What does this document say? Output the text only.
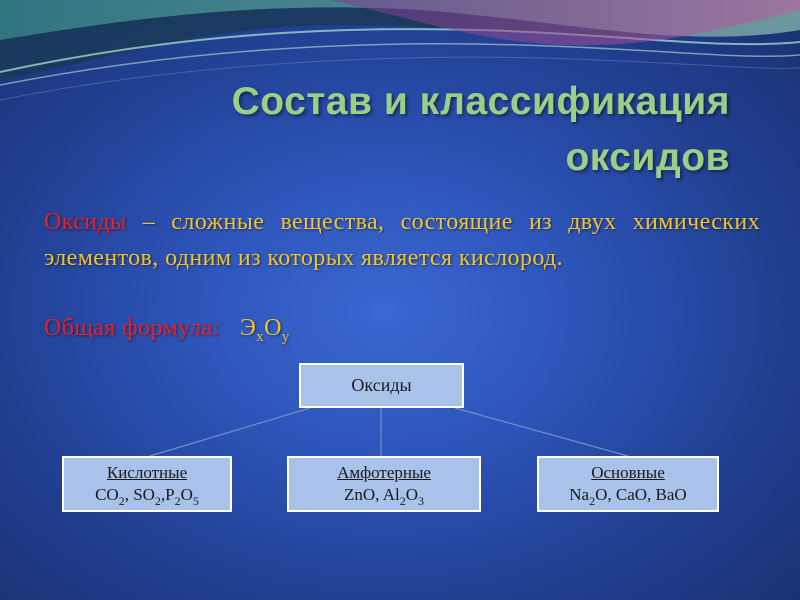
Состав и классификация
оксидов
Оксиды – сложные вещества, состоящие из двух химических элементов, одним из которых является кислород.
Общая формула: $Э_xO_y$
Оксиды
Кислотные
$CO_2$, $SO_2,P_2O_5$
Амфотерные
ZnO, $Al_2O_3$
Основные
$Na_2O$, CaO, BaO
